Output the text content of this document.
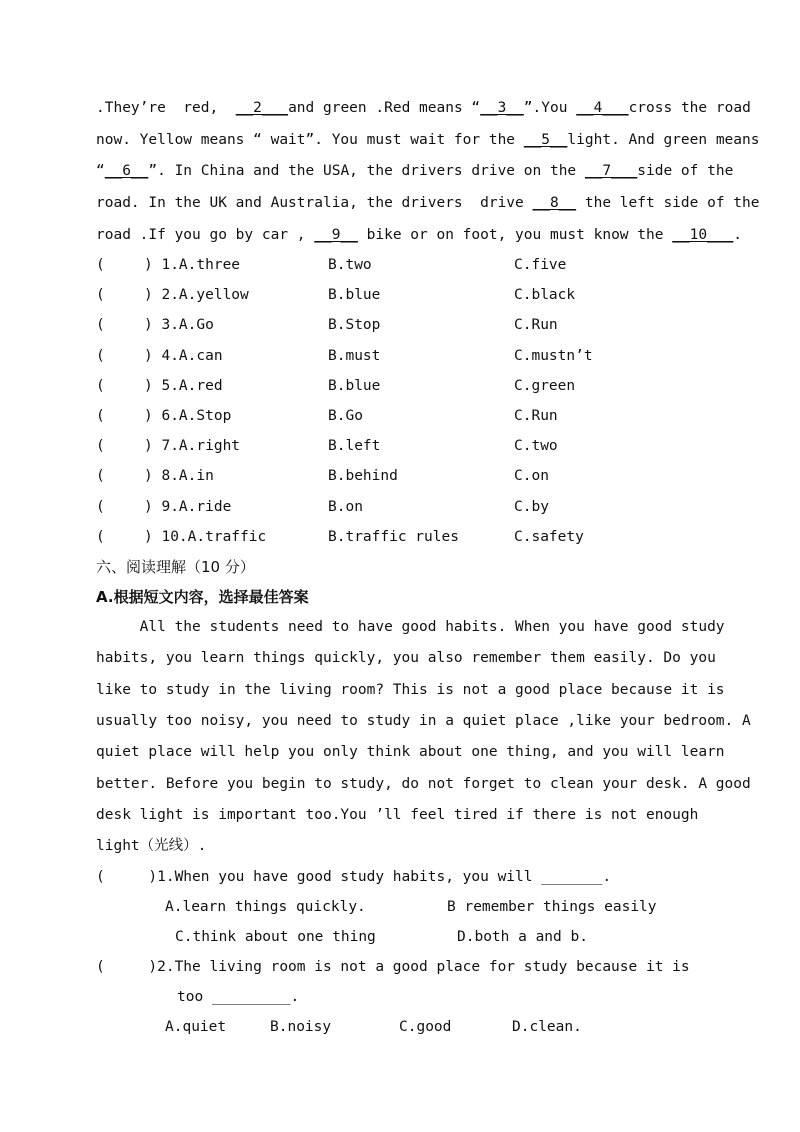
.They’re  red,  __2___and green .Red means “__3__”.You __4___cross the road
now. Yellow means “ wait”. You must wait for the __5__light. And green means
“__6__”. In China and the USA, the drivers drive on the __7___side of the
road. In the UK and Australia, the drivers  drive __8__ the left side of the
road .If you go by car , __9__ bike or on foot, you must know the __10___.
(	) 1.A.three	B.two	C.five
(	) 2.A.yellow	B.blue	C.black
(	) 3.A.Go	B.Stop	C.Run
(	) 4.A.can	B.must	C.mustn’t
(	) 5.A.red	B.blue	C.green
(	) 6.A.Stop	B.Go	C.Run
(	) 7.A.right	B.left	C.two
(	) 8.A.in	B.behind	C.on
(	) 9.A.ride	B.on	C.by
(	) 10.A.traffic	B.traffic rules	C.safety
六、阅读理解（10 分）
A.根据短文内容，选择最佳答案
All the students need to have good habits. When you have good study
habits, you learn things quickly, you also remember them easily. Do you
like to study in the living room? This is not a good place because it is
usually too noisy, you need to study in a quiet place ,like your bedroom. A
quiet place will help you only think about one thing, and you will learn
better. Before you begin to study, do not forget to clean your desk. A good
desk light is important too.You ’ll feel tired if there is not enough
light（光线）.
(     )1.When you have good study habits, you will _______.
A.learn things quickly.	B remember things easily
C.think about one thing	D.both a and b.
(     )2.The living room is not a good place for study because it is
too _________.
A.quiet	B.noisy	C.good	D.clean.
